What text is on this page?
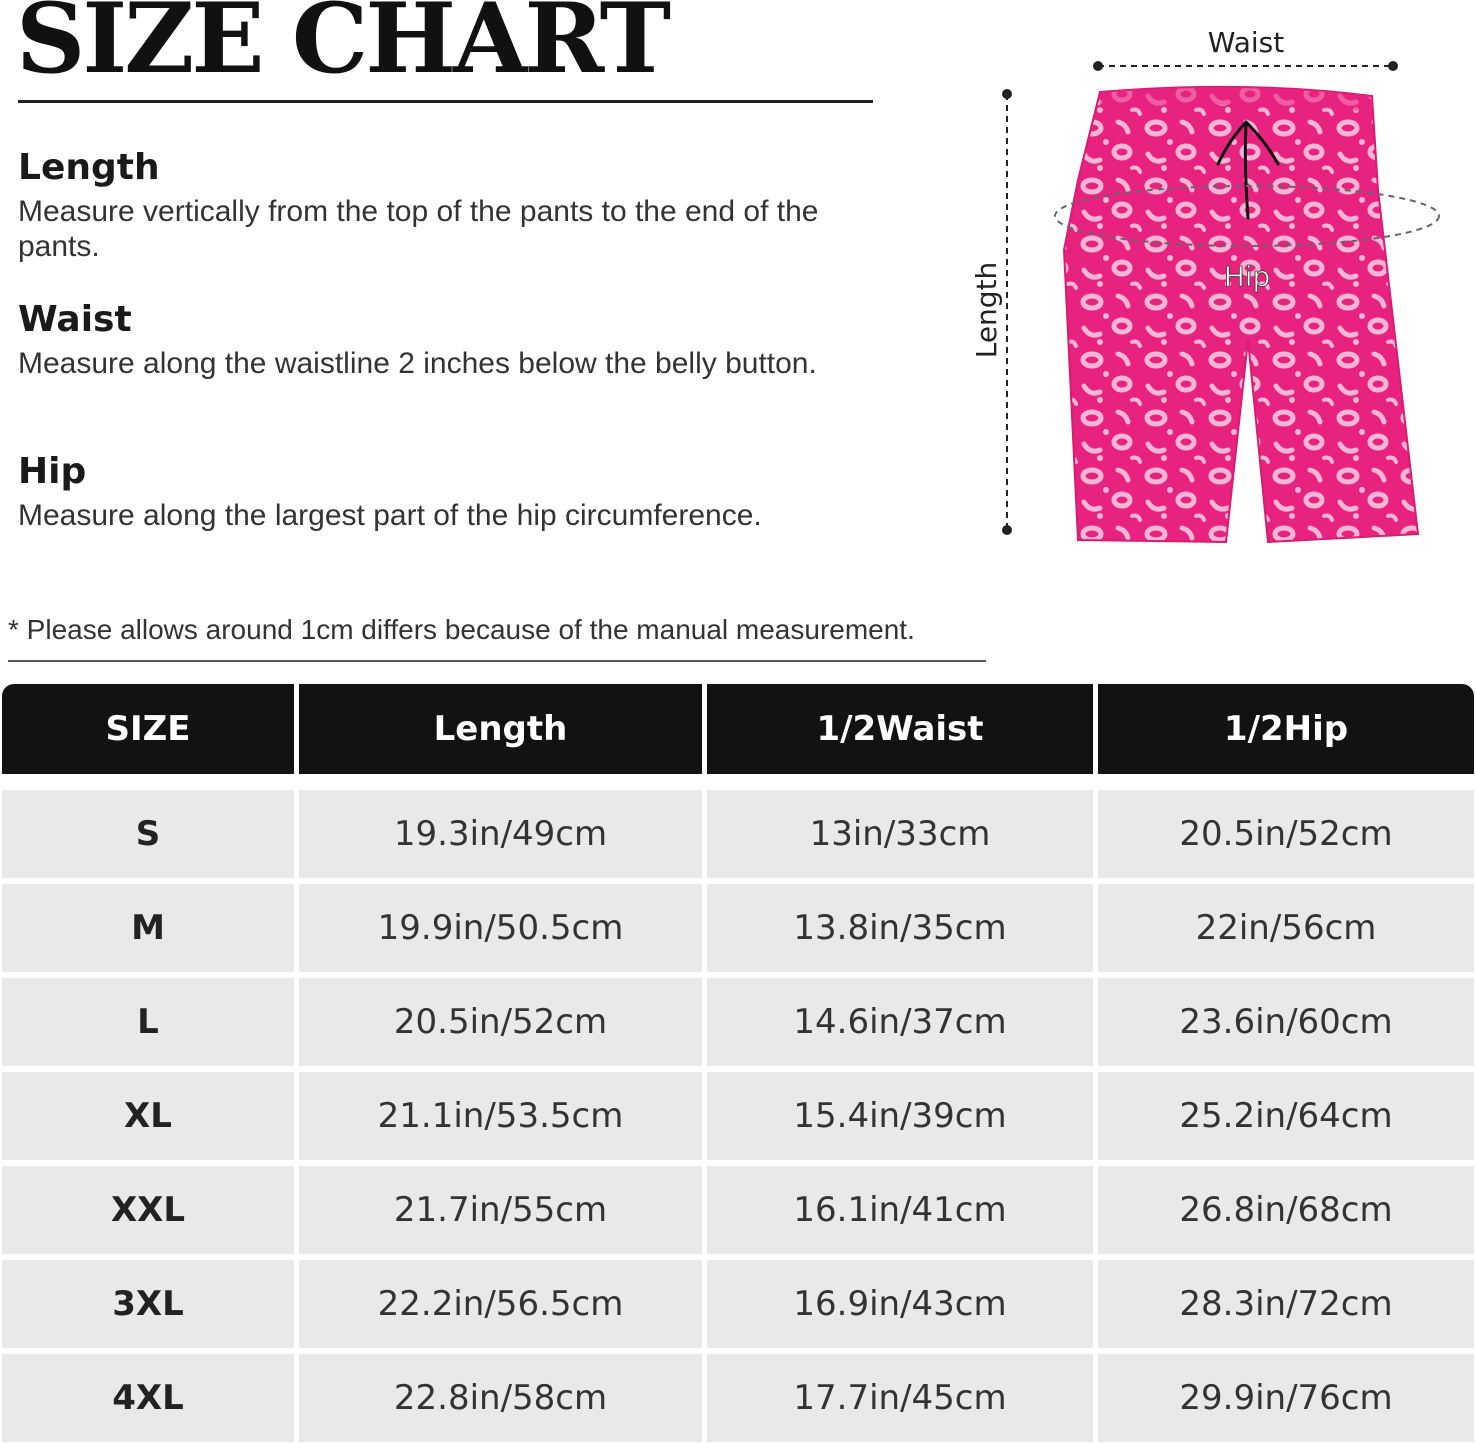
SIZE CHART
Length

Measure vertically from the top of the pants to the end of the pants.

Waist

Measure along the waistline 2 inches below the belly button.

Hip

Measure along the largest part of the hip circumference.

Waist
Hip
Length
* Please allows around 1cm differs because of the manual measurement.
SIZE	Length	1/2Waist	1/2Hip
S	19.3in/49cm	13in/33cm	20.5in/52cm
M	19.9in/50.5cm	13.8in/35cm	22in/56cm
L	20.5in/52cm	14.6in/37cm	23.6in/60cm
XL	21.1in/53.5cm	15.4in/39cm	25.2in/64cm
XXL	21.7in/55cm	16.1in/41cm	26.8in/68cm
3XL	22.2in/56.5cm	16.9in/43cm	28.3in/72cm
4XL	22.8in/58cm	17.7in/45cm	29.9in/76cm
